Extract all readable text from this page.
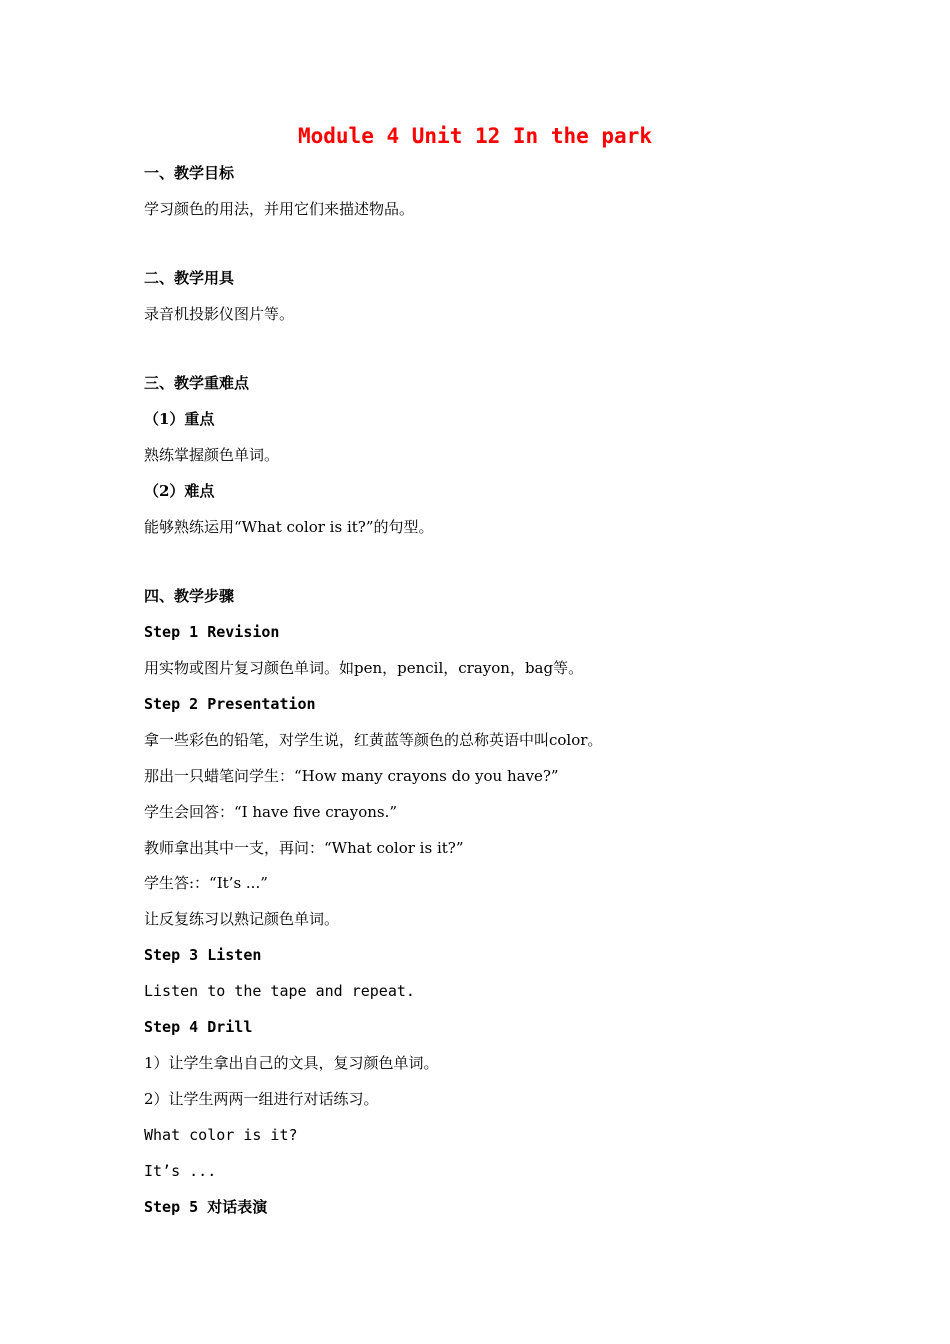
Module 4 Unit 12 In the park
一、教学目标
学习颜色的用法，并用它们来描述物品。
二、教学用具
录音机投影仪图片等。
三、教学重难点
（1）重点
熟练掌握颜色单词。
（2）难点
能够熟练运用“What color is it?”的句型。
四、教学步骤
Step 1 Revision
用实物或图片复习颜色单词。如pen，pencil，crayon，bag等。
Step 2 Presentation
拿一些彩色的铅笔，对学生说，红黄蓝等颜色的总称英语中叫color。
那出一只蜡笔问学生：“How many crayons do you have?”
学生会回答：“I have five crayons.”
教师拿出其中一支，再问：“What color is it?”
学生答:：“It’s ...”
让反复练习以熟记颜色单词。
Step 3 Listen
Listen to the tape and repeat.
Step 4 Drill
1）让学生拿出自己的文具，复习颜色单词。
2）让学生两两一组进行对话练习。
What color is it?
It’s ...
Step 5 对话表演
